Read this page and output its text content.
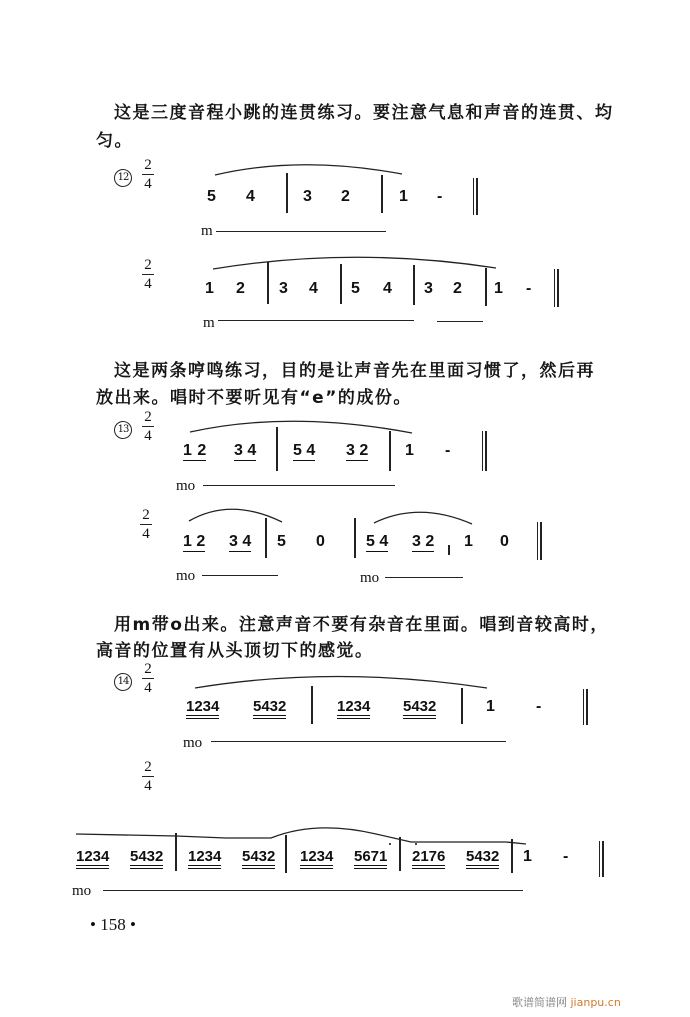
这是三度音程小跳的连贯练习。要注意气息和声音的连贯、均
匀。
12
2
4
5 4	3 2	1 -
m
2
4	1 2 3 4 5 4 3 2 1 -
m
这是两条哼鸣练习，目的是让声音先在里面习惯了，然后再
放出来。唱时不要听见有“e”的成份。
13
2
4
1 2 3 4 5 4 3 2 1 -
mo
2
4 1 2 3 4 5 0	5 4 3 2 1 0
mo	mo
用m带o出来。注意声音不要有杂音在里面。唱到音较高时，
高音的位置有从头顶切下的感觉。
14
2
4
1234 5432	1234 5432	1	-
mo
2
4
1234 5432 1234 5432 1234 5671 2176 5432 1 -
mo
• 158 •
歌谱简谱网 jianpu.cn
